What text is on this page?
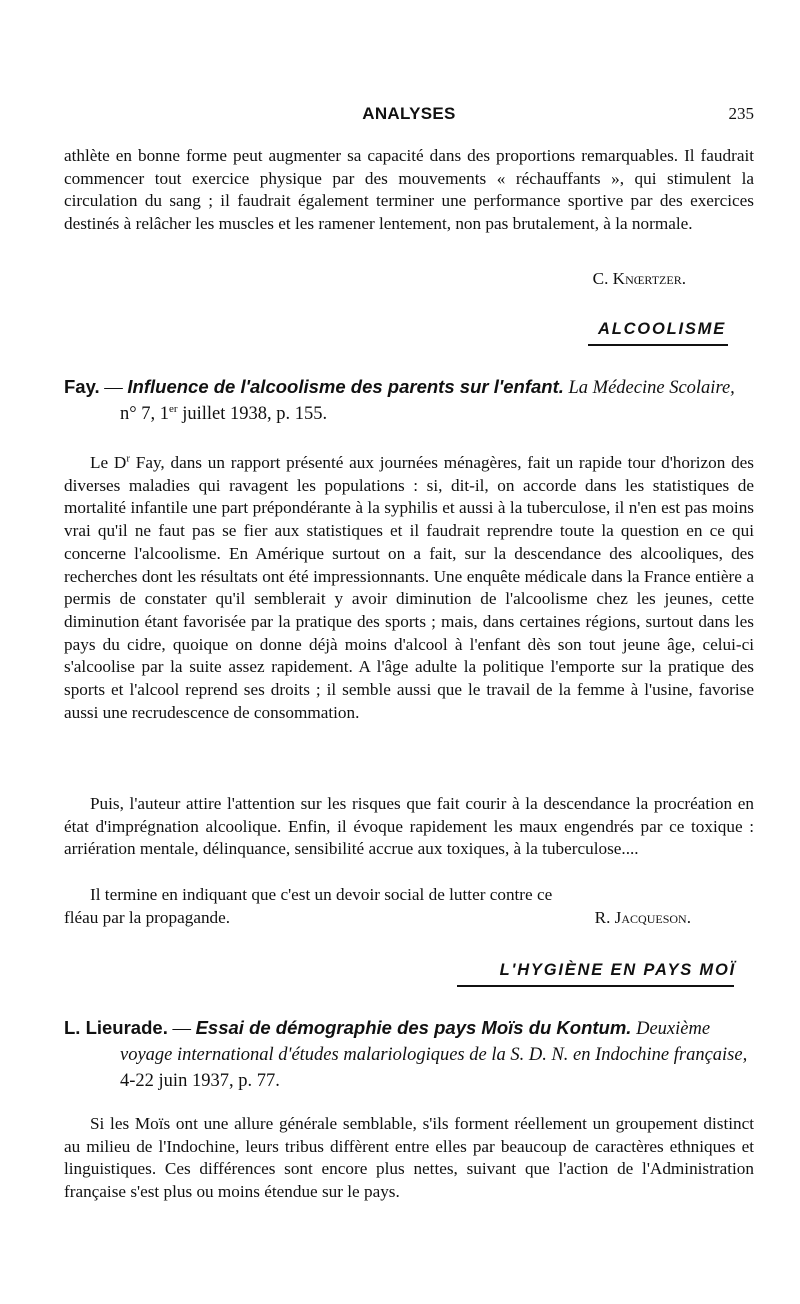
ANALYSES	235

athlète en bonne forme peut augmenter sa capacité dans des proportions remarquables. Il faudrait commencer tout exercice physique par des mouvements « réchauffants », qui stimulent la circulation du sang ; il faudrait également terminer une performance sportive par des exercices destinés à relâcher les muscles et les ramener lentement, non pas brutalement, à la normale.

C. Knœrtzer.

ALCOOLISME

Fay. — Influence de l'alcoolisme des parents sur l'enfant. La Médecine Scolaire, n° 7, 1er juillet 1938, p. 155.

Le $D^r$ Fay, dans un rapport présenté aux journées ménagères, fait un rapide tour d'horizon des diverses maladies qui ravagent les populations : si, dit-il, on accorde dans les statistiques de mortalité infantile une part prépondérante à la syphilis et aussi à la tuberculose, il n'en est pas moins vrai qu'il ne faut pas se fier aux statistiques et il faudrait reprendre toute la question en ce qui concerne l'alcoolisme. En Amérique surtout on a fait, sur la descendance des alcooliques, des recherches dont les résultats ont été impressionnants. Une enquête médicale dans la France entière a permis de constater qu'il semblerait y avoir diminution de l'alcoolisme chez les jeunes, cette diminution étant favorisée par la pratique des sports ; mais, dans certaines régions, surtout dans les pays du cidre, quoique on donne déjà moins d'alcool à l'enfant dès son tout jeune âge, celui-ci s'alcoolise par la suite assez rapidement. A l'âge adulte la politique l'emporte sur la pratique des sports et l'alcool reprend ses droits ; il semble aussi que le travail de la femme à l'usine, favorise aussi une recrudescence de consommation.

Puis, l'auteur attire l'attention sur les risques que fait courir à la descendance la procréation en état d'imprégnation alcoolique. Enfin, il évoque rapidement les maux engendrés par ce toxique : arriération mentale, délinquance, sensibilité accrue aux toxiques, à la tuberculose....

Il termine en indiquant que c'est un devoir social de lutter contre ce fléau par la propagande.	R. Jacqueson.

L'HYGIÈNE EN PAYS MOÏ

L. Lieurade. — Essai de démographie des pays Moïs du Kontum. Deuxième voyage international d'études malariologiques de la S. D. N. en Indochine française, 4-22 juin 1937, p. 77.

Si les Moïs ont une allure générale semblable, s'ils forment réellement un groupement distinct au milieu de l'Indochine, leurs tribus diffèrent entre elles par beaucoup de caractères ethniques et linguistiques. Ces différences sont encore plus nettes, suivant que l'action de l'Administration française s'est plus ou moins étendue sur le pays.
